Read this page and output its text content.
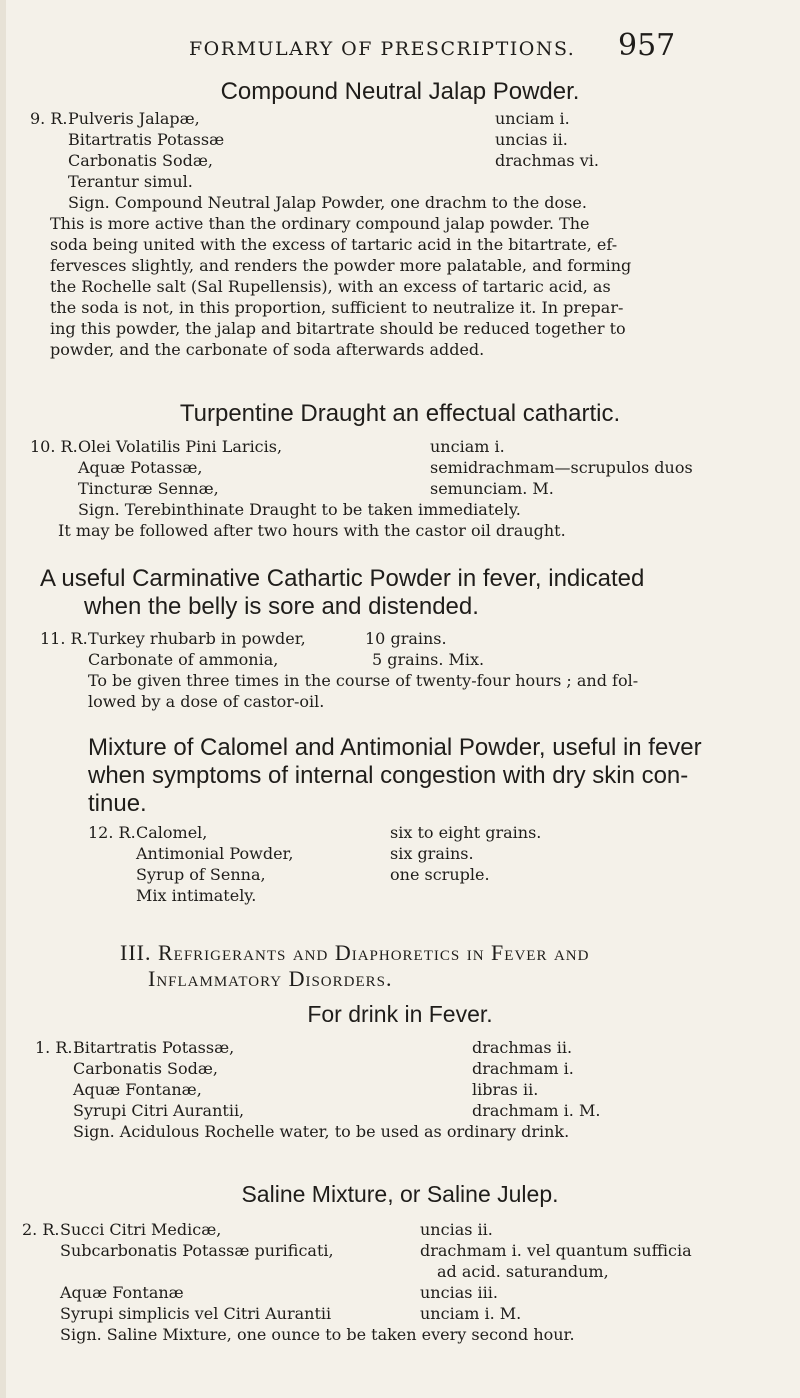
FORMULARY OF PRESCRIPTIONS. 957
Compound Neutral Jalap Powder.
9. R. Pulveris Jalapæ,	unciam i.
Bitartratis Potassæ	uncias ii.
Carbonatis Sodæ,	drachmas vi.
Terantur simul.
Sign. Compound Neutral Jalap Powder, one drachm to the dose.
This is more active than the ordinary compound jalap powder. The
soda being united with the excess of tartaric acid in the bitartrate, ef-
fervesces slightly, and renders the powder more palatable, and forming
the Rochelle salt (Sal Rupellensis), with an excess of tartaric acid, as
the soda is not, in this proportion, sufficient to neutralize it. In prepar-
ing this powder, the jalap and bitartrate should be reduced together to
powder, and the carbonate of soda afterwards added.
Turpentine Draught an effectual cathartic.
10. R. Olei Volatilis Pini Laricis,	unciam i.
Aquæ Potassæ,	semidrachmam—scrupulos duos
Tincturæ Sennæ,	semunciam. M.
Sign. Terebinthinate Draught to be taken immediately.
It may be followed after two hours with the castor oil draught.
A useful Carminative Cathartic Powder in fever, indicated
when the belly is sore and distended.
11. R. Turkey rhubarb in powder,	10 grains.
Carbonate of ammonia,	5 grains. Mix.
To be given three times in the course of twenty-four hours ; and fol-
lowed by a dose of castor-oil.
Mixture of Calomel and Antimonial Powder, useful in fever
when symptoms of internal congestion with dry skin con-
tinue.
12. R. Calomel,	six to eight grains.
Antimonial Powder,	six grains.
Syrup of Senna,	one scruple.
Mix intimately.
III. Refrigerants and Diaphoretics in Fever and
Inflammatory Disorders.
For drink in Fever.
1. R. Bitartratis Potassæ,	drachmas ii.
Carbonatis Sodæ,	drachmam i.
Aquæ Fontanæ,	libras ii.
Syrupi Citri Aurantii,	drachmam i. M.
Sign. Acidulous Rochelle water, to be used as ordinary drink.
Saline Mixture, or Saline Julep.
2. R. Succi Citri Medicæ,	uncias ii.
Subcarbonatis Potassæ purificati,	drachmam i. vel quantum sufficia
ad acid. saturandum,
Aquæ Fontanæ	uncias iii.
Syrupi simplicis vel Citri Aurantii	unciam i. M.
Sign. Saline Mixture, one ounce to be taken every second hour.
